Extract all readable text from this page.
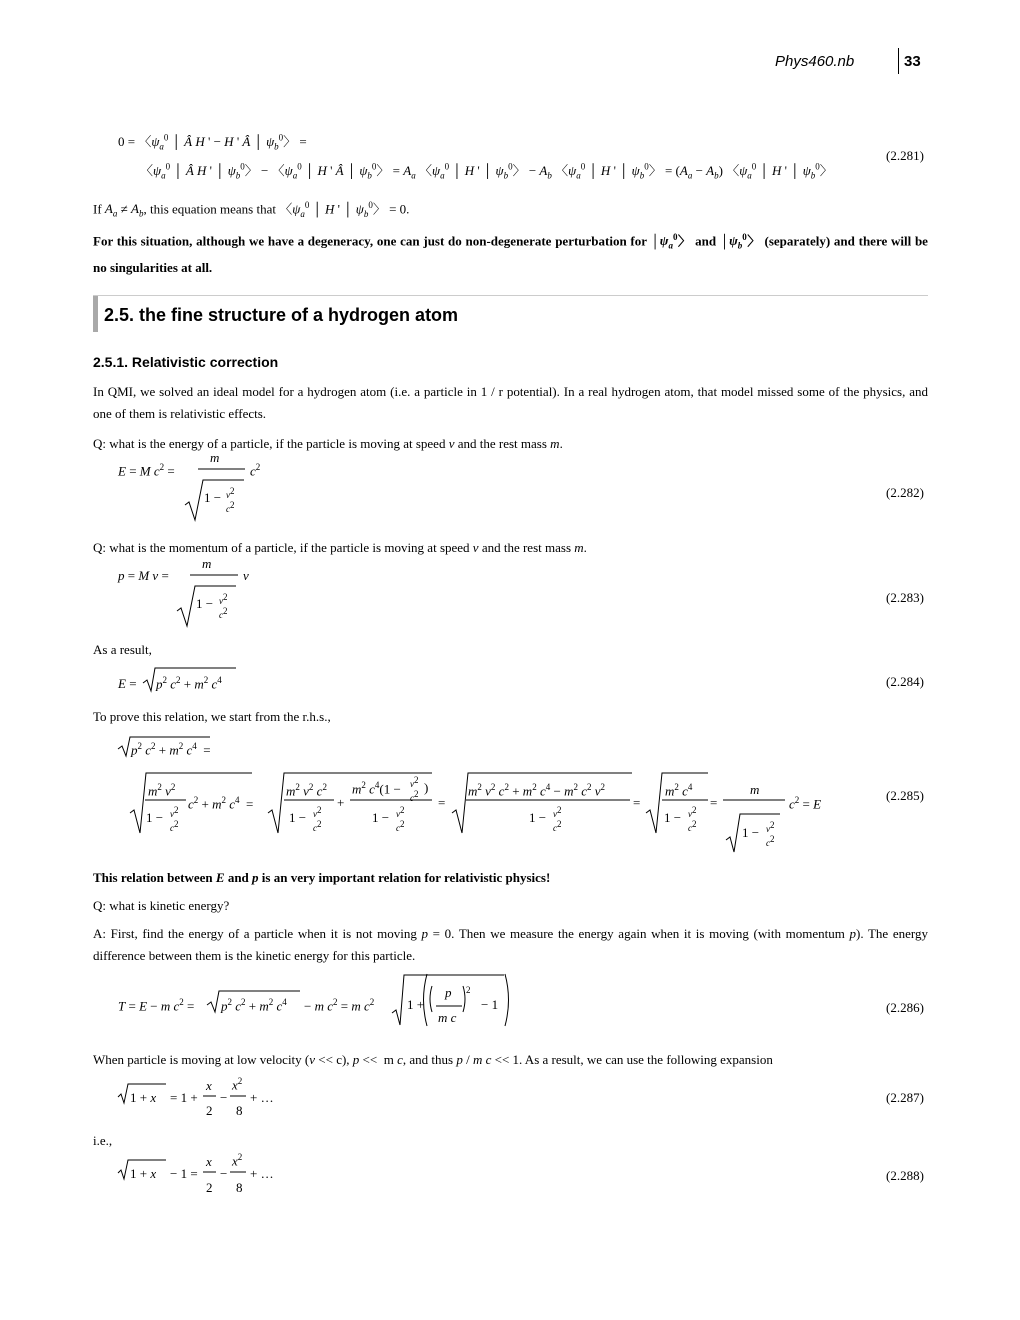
Phys460.nb	33
0 = 〈$\psi_a^0$ │ Â H ' − H ' Â │ $\psi_b^0$〉 =
〈$\psi_a^0$ │ Â H ' │ $\psi_b^0$〉 − 〈$\psi_a^0$ │ H ' Â │ $\psi_b^0$〉 = $A_a$ 〈$\psi_a^0$ │ H ' │ $\psi_b^0$〉 − $A_b$ 〈$\psi_a^0$ │ H ' │ $\psi_b^0$〉 = $(A_a - A_b)$ 〈$\psi_a^0$ │ H ' │ $\psi_b^0$〉
(2.281)
If $A_a \ne A_b$, this equation means that 〈$\psi_a^0$ │ H ' │ $\psi_b^0$〉 = 0.
For this situation, although we have a degeneracy, one can just do non-degenerate perturbation for $│\psi_a^0$〉 and $│\psi_b^0$〉 (separately) and there will be no singularities at all.
2.5. the fine structure of a hydrogen atom
2.5.1. Relativistic correction
In QMI, we solved an ideal model for a hydrogen atom (i.e. a particle in 1 / r potential). In a real hydrogen atom, that model missed some of the physics, and one of them is relativistic effects.
Q: what is the energy of a particle, if the particle is moving at speed v and the rest mass m.
E = M $c^2$ =
m
$c^2$
$1 - v^2$
$c^2$
(2.282)
Q: what is the momentum of a particle, if the particle is moving at speed v and the rest mass m.
p = M v =
m
v
$1 - v^2$
$c^2$
(2.283)
As a result,
$E = p^2$ $c^2 + m^2$ $c^4$	(2.284)
To prove this relation, we start from the r.h.s.,
$p^2$ $c^2 + m^2$ $c^4$  =
$m^2$ $v^2$
$c^2 + m^2$ $c^4$  =
$1 - v^2$
$c^2$
$m^2$ $v^2$ $c^2$
$1 - v^2$
$c^2$
+
$m^2$ $c^4(1 - v^2$
$c^2$ )
$1 - v^2$
$c^2$
=
$m^2$ $v^2$ $c^2 + m^2$ $c^4 - m^2$ $c^2$ $v^2$
$1 - v^2$
$c^2$
=
$m^2$ $c^4$
$1 - v^2$
$c^2$
=
m
$c^2 = E$
$1 - v^2$
$c^2$
(2.285)
This relation between E and p is an very important relation for relativistic physics!
Q: what is kinetic energy?
A: First, find the energy of a particle when it is not moving p = 0. Then we measure the energy again when it is moving (with momentum p). The energy difference between them is the kinetic energy for this particle.
T = E − m $c^2 = p^2$ $c^2 + m^2$ $c^4 - m$ $c^2 = m$ $c^2$	1 +
p
m c
2
− 1	(2.286)
When particle is moving at low velocity (v << c), p <<  m c, and thus p / m c << 1. As a result, we can use the following expansion
1 + x = 1 +
x
2
−
$x^2$
8
+ …	(2.287)
i.e.,
1 + x − 1 =
x
2
−
$x^2$
8
+ …	(2.288)
